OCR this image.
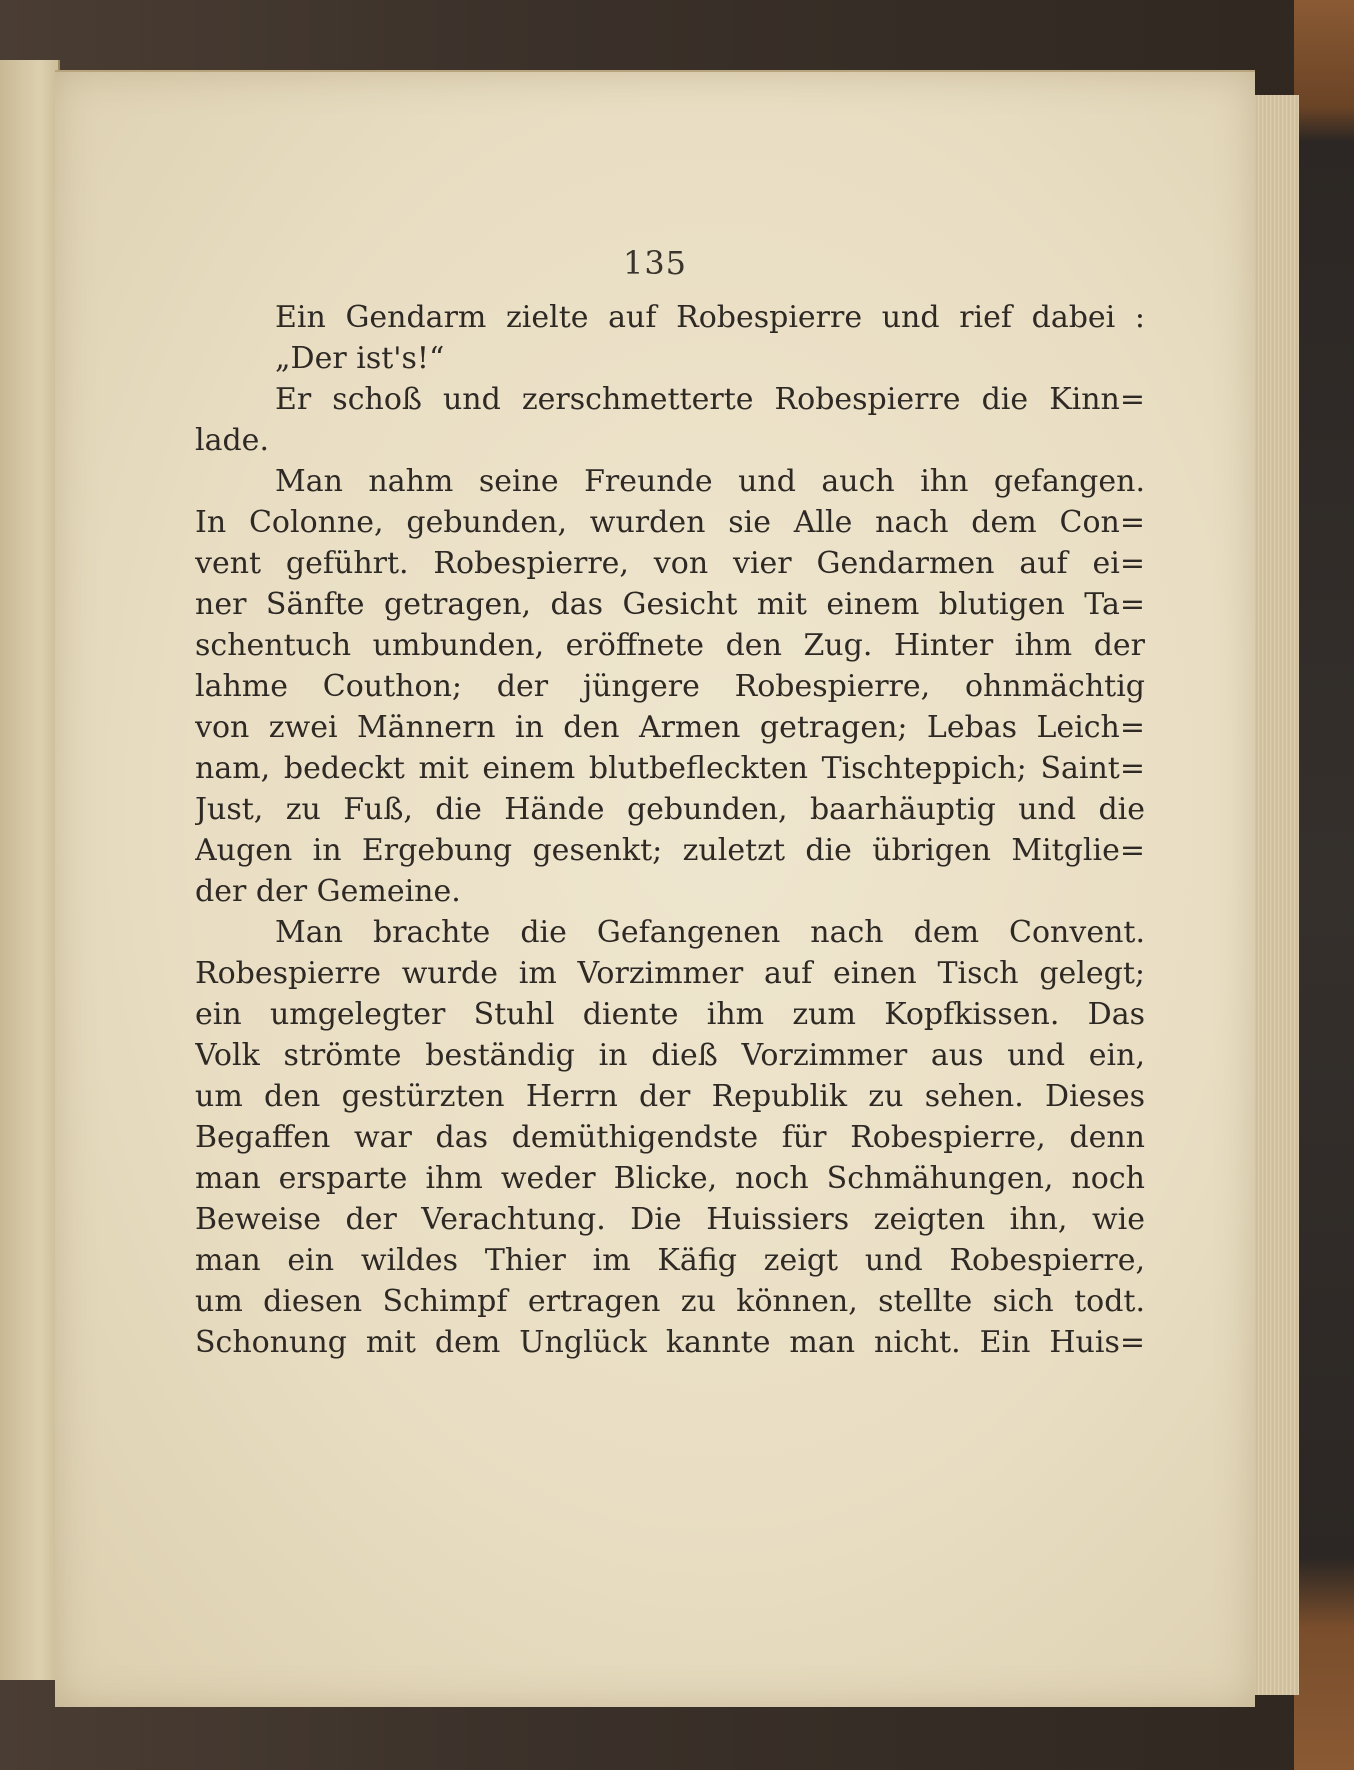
135
Ein Gendarm zielte auf Robespierre und rief dabei :
„Der ist's!“
Er schoß und zerschmetterte Robespierre die Kinn=
lade.
Man nahm seine Freunde und auch ihn gefangen.
In Colonne, gebunden, wurden sie Alle nach dem Con=
vent geführt. Robespierre, von vier Gendarmen auf ei=
ner Sänfte getragen, das Gesicht mit einem blutigen Ta=
schentuch umbunden, eröffnete den Zug. Hinter ihm der
lahme Couthon; der jüngere Robespierre, ohnmächtig
von zwei Männern in den Armen getragen; Lebas Leich=
nam, bedeckt mit einem blutbefleckten Tischteppich; Saint=
Just, zu Fuß, die Hände gebunden, baarhäuptig und die
Augen in Ergebung gesenkt; zuletzt die übrigen Mitglie=
der der Gemeine.
Man brachte die Gefangenen nach dem Convent.
Robespierre wurde im Vorzimmer auf einen Tisch gelegt;
ein umgelegter Stuhl diente ihm zum Kopfkissen. Das
Volk strömte beständig in dieß Vorzimmer aus und ein,
um den gestürzten Herrn der Republik zu sehen. Dieses
Begaffen war das demüthigendste für Robespierre, denn
man ersparte ihm weder Blicke, noch Schmähungen, noch
Beweise der Verachtung. Die Huissiers zeigten ihn, wie
man ein wildes Thier im Käfig zeigt und Robespierre,
um diesen Schimpf ertragen zu können, stellte sich todt.
Schonung mit dem Unglück kannte man nicht. Ein Huis=
